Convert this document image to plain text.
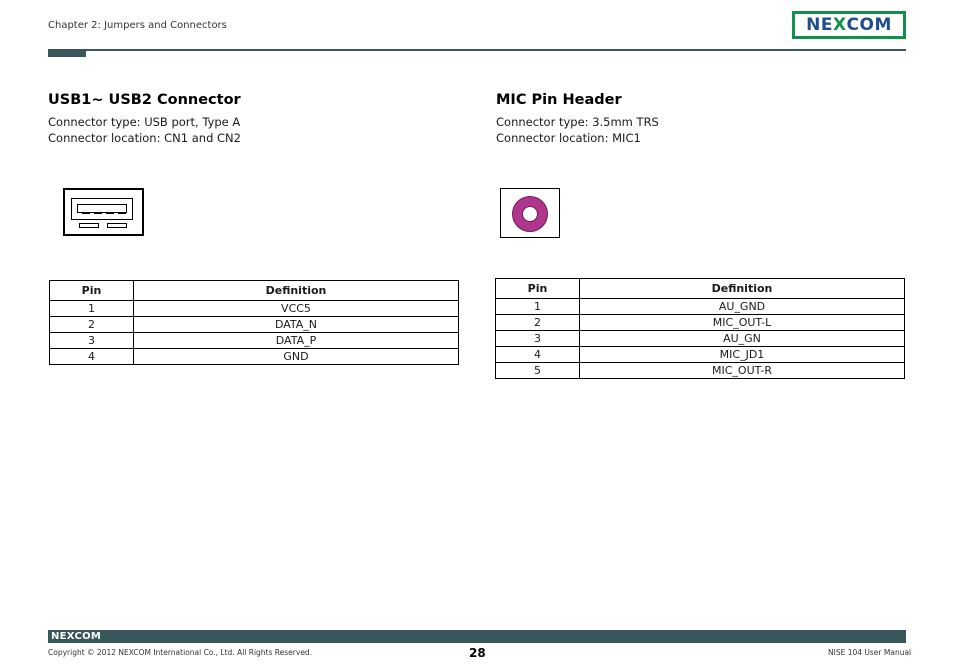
Chapter 2: Jumpers and Connectors	NE X COM
USB1~ USB2 Connector

Connector type: USB port, Type A

Connector location: CN1 and CN2

Pin	Definition
1	VCC5
2	DATA_N
3	DATA_P
4	GND
MIC Pin Header

Connector type: 3.5mm TRS

Connector location: MIC1

Pin	Definition
1	AU_GND
2	MIC_OUT-L
3	AU_GN
4	MIC_JD1
5	MIC_OUT-R
NEXCOM
Copyright © 2012 NEXCOM International Co., Ltd. All Rights Reserved.	28	NISE 104 User Manual
